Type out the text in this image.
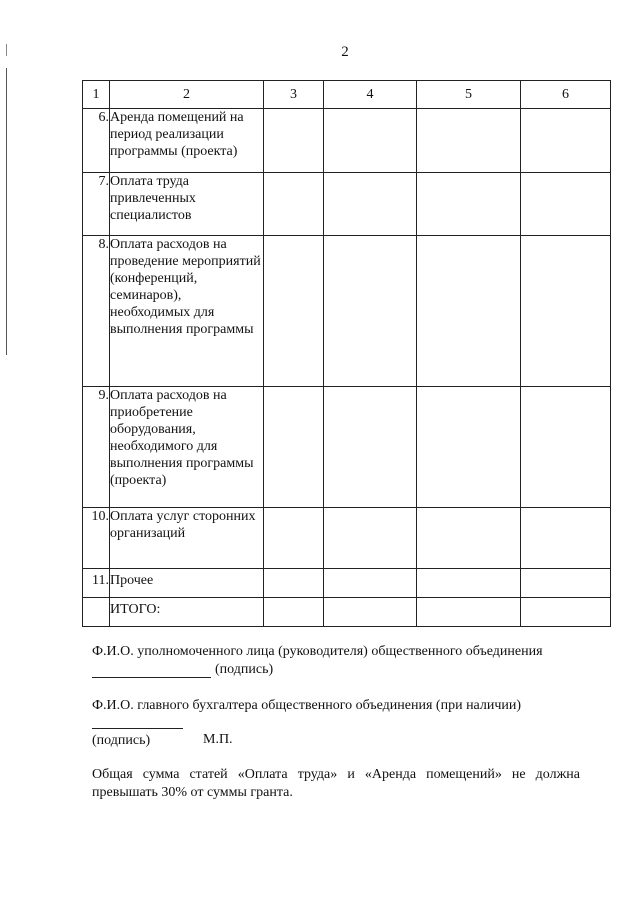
2
1	2	3	4	5	6
6.	Аренда помещений на период реализации программы (проекта)				
7.	Оплата труда привлеченных специалистов				
8.	Оплата расходов на проведение мероприятий (конференций, семинаров), необходимых для выполнения программы				
9.	Оплата расходов на приобретение оборудования, необходимого для выполнения программы (проекта)				
10.	Оплата услуг сторонних организаций				
11.	Прочее				
	ИТОГО:				
Ф.И.О. уполномоченного лица (руководителя) общественного объединения
(подпись)
Ф.И.О. главного бухгалтера общественного объединения (при наличии)
(подпись)	М.П.
Общая сумма статей «Оплата труда» и «Аренда помещений» не должна превышать 30% от суммы гранта.
